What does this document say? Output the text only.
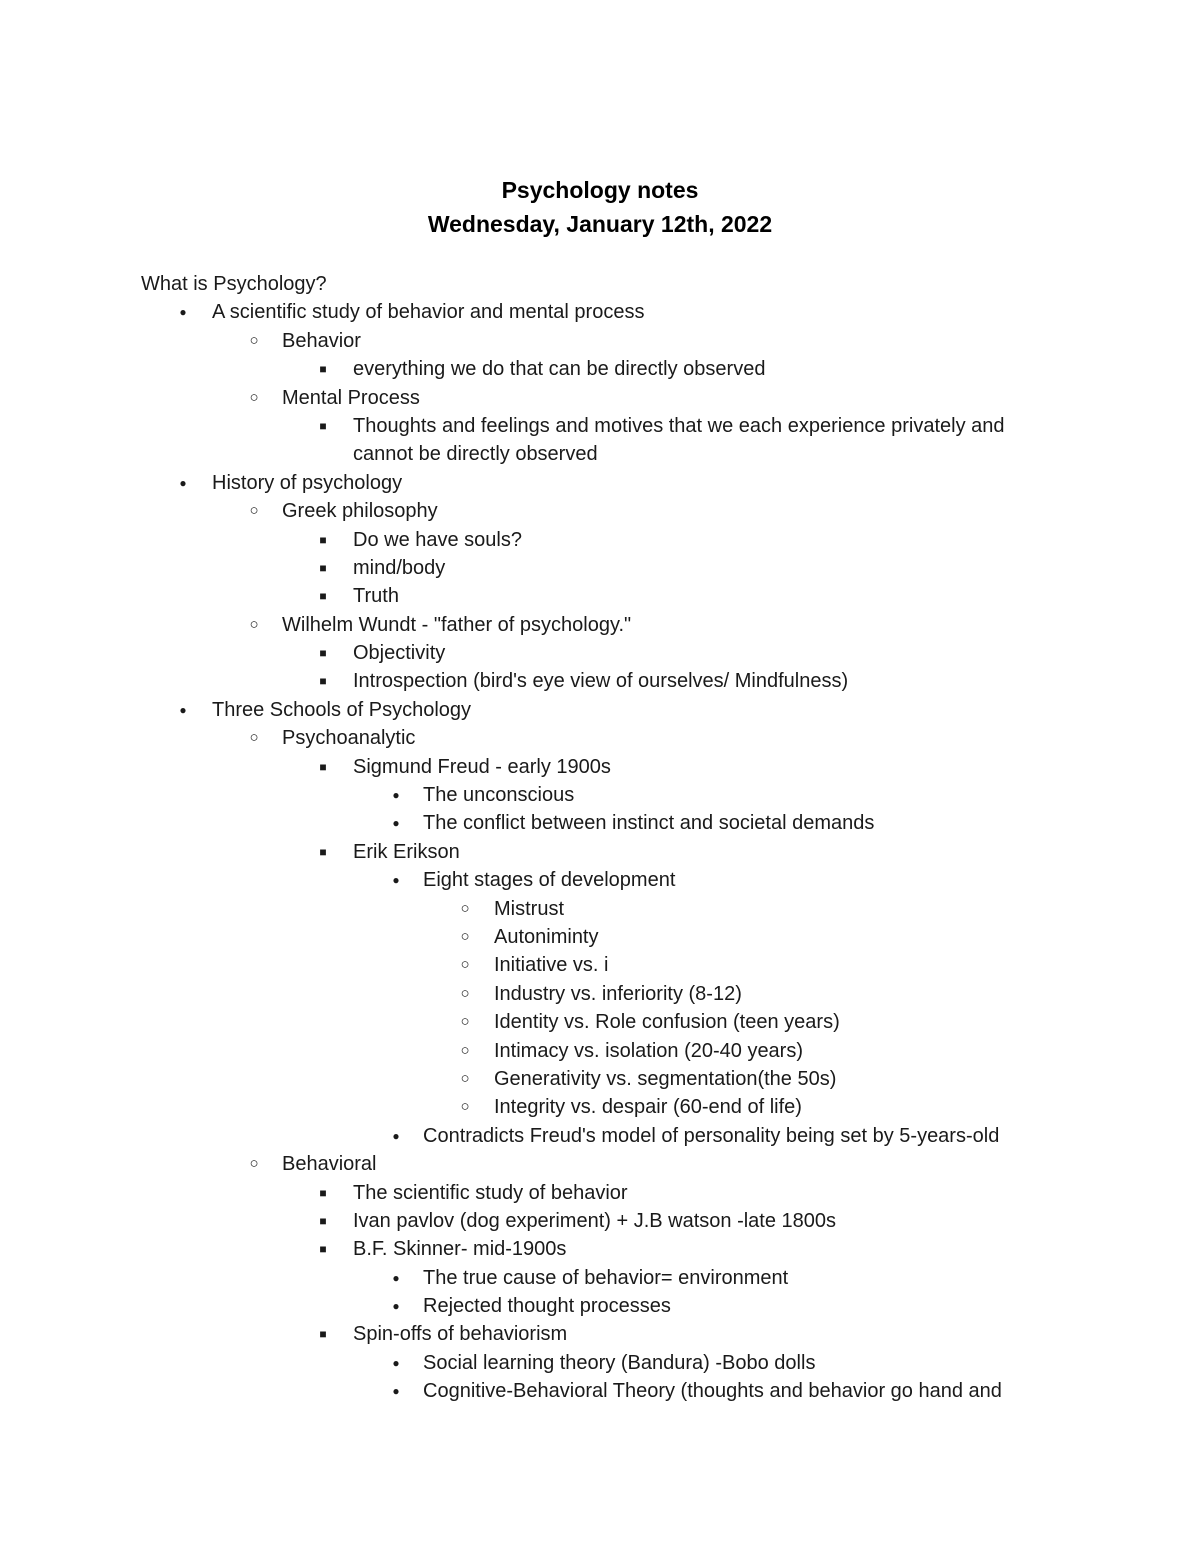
Psychology notes
Wednesday, January 12th, 2022
What is Psychology?
●
A scientific study of behavior and mental process
○
Behavior
■
everything we do that can be directly observed
○
Mental Process
■
Thoughts and feelings and motives that we each experience privately and
cannot be directly observed
●
History of psychology
○
Greek philosophy
■
Do we have souls?
■
mind/body
■
Truth
○
Wilhelm Wundt - "father of psychology."
■
Objectivity
■
Introspection (bird's eye view of ourselves/ Mindfulness)
●
Three Schools of Psychology
○
Psychoanalytic
■
Sigmund Freud - early 1900s
●
The unconscious
●
The conflict between instinct and societal demands
■
Erik Erikson
●
Eight stages of development
○
Mistrust
○
Autoniminty
○
Initiative vs. i
○
Industry vs. inferiority (8-12)
○
Identity vs. Role confusion (teen years)
○
Intimacy vs. isolation (20-40 years)
○
Generativity vs. segmentation(the 50s)
○
Integrity vs. despair (60-end of life)
●
Contradicts Freud's model of personality being set by 5-years-old
○
Behavioral
■
The scientific study of behavior
■
Ivan pavlov (dog experiment) + J.B watson -late 1800s
■
B.F. Skinner- mid-1900s
●
The true cause of behavior= environment
●
Rejected thought processes
■
Spin-offs of behaviorism
●
Social learning theory (Bandura) -Bobo dolls
●
Cognitive-Behavioral Theory (thoughts and behavior go hand and
